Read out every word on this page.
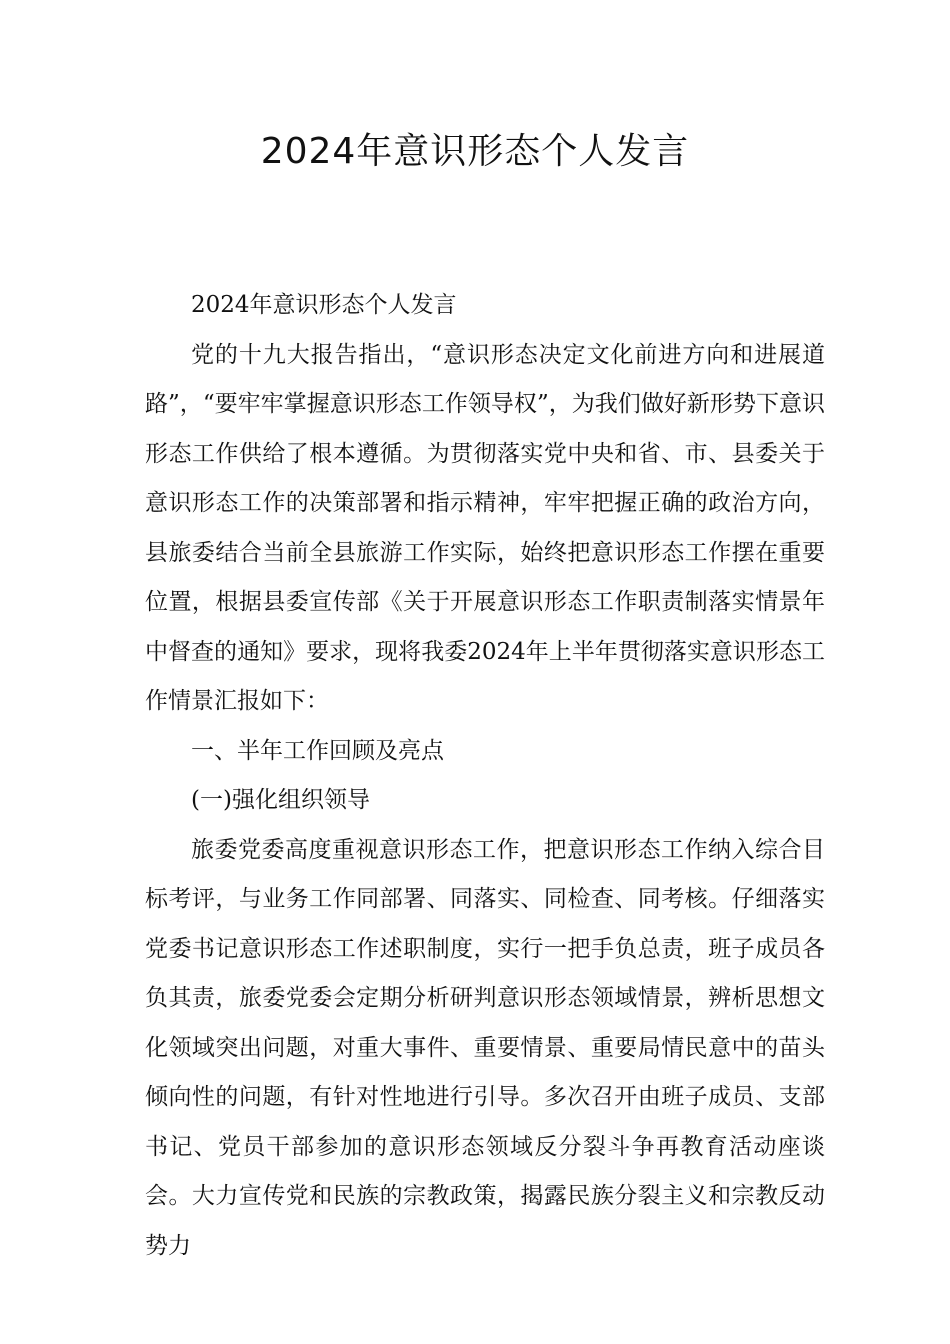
2024年意识形态个人发言

2024年意识形态个人发言

党的十九大报告指出，“意识形态决定文化前进方向和进展道路”，“要牢牢掌握意识形态工作领导权”，为我们做好新形势下意识形态工作供给了根本遵循。为贯彻落实党中央和省、市、县委关于意识形态工作的决策部署和指示精神，牢牢把握正确的政治方向，县旅委结合当前全县旅游工作实际，始终把意识形态工作摆在重要位置，根据县委宣传部《关于开展意识形态工作职责制落实情景年中督查的通知》要求，现将我委2024年上半年贯彻落实意识形态工作情景汇报如下：

一、半年工作回顾及亮点

(一)强化组织领导

旅委党委高度重视意识形态工作，把意识形态工作纳入综合目标考评，与业务工作同部署、同落实、同检查、同考核。仔细落实党委书记意识形态工作述职制度，实行一把手负总责，班子成员各负其责，旅委党委会定期分析研判意识形态领域情景，辨析思想文化领域突出问题，对重大事件、重要情景、重要局情民意中的苗头倾向性的问题，有针对性地进行引导。多次召开由班子成员、支部书记、党员干部参加的意识形态领域反分裂斗争再教育活动座谈会。大力宣传党和民族的宗教政策，揭露民族分裂主义和宗教反动势力
